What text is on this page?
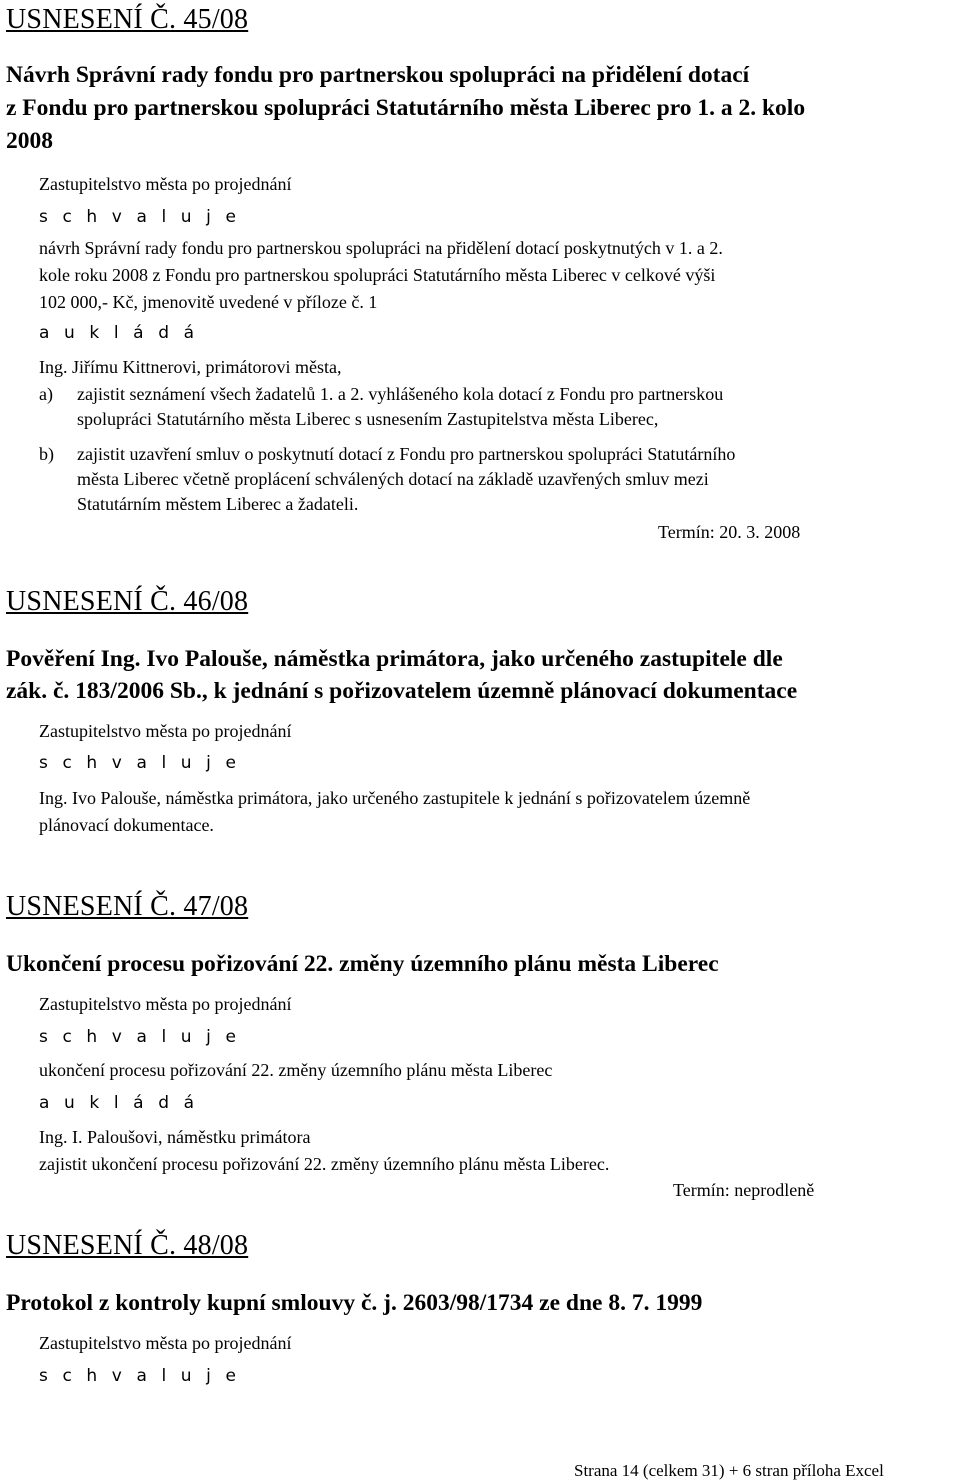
USNESENÍ Č. 45/08
Návrh Správní rady fondu pro partnerskou spolupráci na přidělení dotací
z Fondu pro partnerskou spolupráci Statutárního města Liberec pro 1. a 2. kolo
2008
Zastupitelstvo města po projednání
s c h v a l u j e
návrh Správní rady fondu pro partnerskou spolupráci na přidělení dotací poskytnutých v 1. a 2.
kole roku 2008 z Fondu pro partnerskou spolupráci Statutárního města Liberec v celkové výši
102 000,- Kč, jmenovitě uvedené v příloze č. 1
a u k l á d á
Ing. Jiřímu Kittnerovi, primátorovi města,
a)	zajistit seznámení všech žadatelů 1. a 2. vyhlášeného kola dotací z Fondu pro partnerskou
spolupráci Statutárního města Liberec s usnesením Zastupitelstva města Liberec,
b)	zajistit uzavření smluv o poskytnutí dotací z Fondu pro partnerskou spolupráci Statutárního
města Liberec včetně proplácení schválených dotací na základě uzavřených smluv mezi
Statutárním městem Liberec a žadateli.
Termín: 20. 3. 2008
USNESENÍ Č. 46/08
Pověření Ing. Ivo Palouše, náměstka primátora, jako určeného zastupitele dle
zák. č. 183/2006 Sb., k jednání s pořizovatelem územně plánovací dokumentace
Zastupitelstvo města po projednání
s c h v a l u j e
Ing. Ivo Palouše, náměstka primátora, jako určeného zastupitele k jednání s pořizovatelem územně
plánovací dokumentace.
USNESENÍ Č. 47/08
Ukončení procesu pořizování 22. změny územního plánu města Liberec
Zastupitelstvo města po projednání
s c h v a l u j e
ukončení procesu pořizování 22. změny územního plánu města Liberec
a u k l á d á
Ing. I. Paloušovi, náměstku primátora
zajistit ukončení procesu pořizování 22. změny územního plánu města Liberec.
Termín: neprodleně
USNESENÍ Č. 48/08
Protokol z kontroly kupní smlouvy č. j. 2603/98/1734 ze dne 8. 7. 1999
Zastupitelstvo města po projednání
s c h v a l u j e
Strana 14 (celkem 31) + 6 stran příloha Excel
